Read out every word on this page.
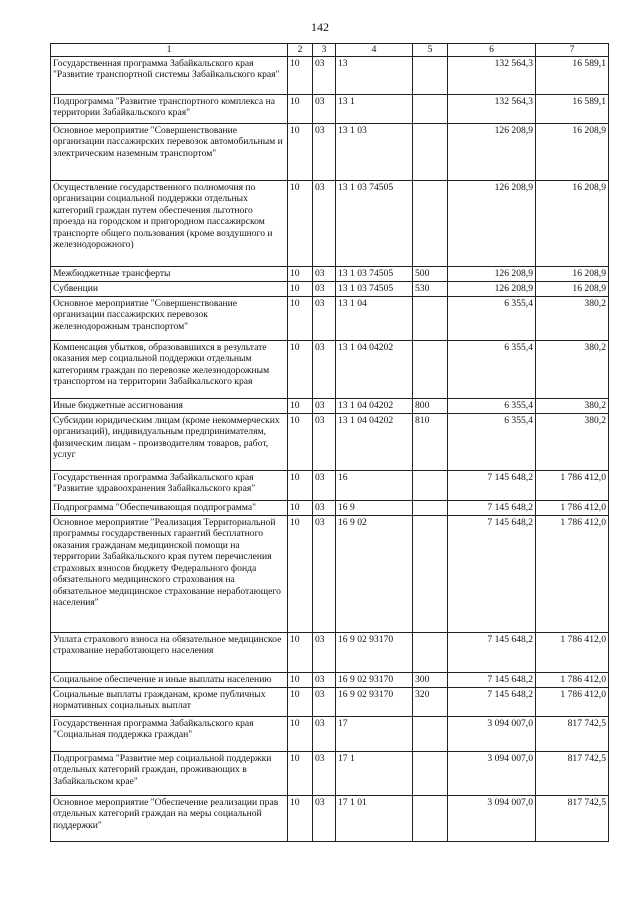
142
1	2	3	4	5	6	7
Государственная программа Забайкальского края "Развитие транспортной системы Забайкальского края"	10	03	13		132 564,3	16 589,1
Подпрограмма "Развитие транспортного комплекса на территории Забайкальского края"	10	03	13 1		132 564,3	16 589,1
Основное мероприятие "Совершенствование организации пассажирских перевозок автомобильным и электрическим наземным транспортом"	10	03	13 1 03		126 208,9	16 208,9
Осуществление государственного полномочия по организации социальной поддержки отдельных категорий граждан путем обеспечения льготного проезда на городском и пригородном пассажирском транспорте общего пользования (кроме воздушного и железнодорожного)	10	03	13 1 03 74505		126 208,9	16 208,9
Межбюджетные трансферты	10	03	13 1 03 74505	500	126 208,9	16 208,9
Субвенции	10	03	13 1 03 74505	530	126 208,9	16 208,9
Основное мероприятие "Совершенствование организации пассажирских перевозок железнодорожным транспортом"	10	03	13 1 04		6 355,4	380,2
Компенсация убытков, образовавшихся в результате оказания мер социальной поддержки отдельным категориям граждан по перевозке железнодорожным транспортом на территории Забайкальского края	10	03	13 1 04 04202		6 355,4	380,2
Иные бюджетные ассигнования	10	03	13 1 04 04202	800	6 355,4	380,2
Субсидии юридическим лицам (кроме некоммерческих организаций), индивидуальным предпринимателям, физическим лицам - производителям товаров, работ, услуг	10	03	13 1 04 04202	810	6 355,4	380,2
Государственная программа Забайкальского края "Развитие здравоохранения Забайкальского края"	10	03	16		7 145 648,2	1 786 412,0
Подпрограмма "Обеспечивающая подпрограмма"	10	03	16 9		7 145 648,2	1 786 412,0
Основное мероприятие "Реализация Территориальной программы государственных гарантий бесплатного оказания гражданам медицинской помощи на территории Забайкальского края путем перечисления страховых взносов бюджету Федерального фонда обязательного медицинского страхования на обязательное медицинское страхование неработающего населения"	10	03	16 9 02		7 145 648,2	1 786 412,0
Уплата страхового взноса на обязательное медицинское страхование неработающего населения	10	03	16 9 02 93170		7 145 648,2	1 786 412,0
Социальное обеспечение и иные выплаты населению	10	03	16 9 02 93170	300	7 145 648,2	1 786 412,0
Социальные выплаты гражданам, кроме публичных нормативных социальных выплат	10	03	16 9 02 93170	320	7 145 648,2	1 786 412,0
Государственная программа Забайкальского края "Социальная поддержка граждан"	10	03	17		3 094 007,0	817 742,5
Подпрограмма "Развитие мер социальной поддержки отдельных категорий граждан, проживающих в Забайкальском крае"	10	03	17 1		3 094 007,0	817 742,5
Основное мероприятие "Обеспечение реализации прав отдельных категорий граждан на меры социальной поддержки"	10	03	17 1 01		3 094 007,0	817 742,5
